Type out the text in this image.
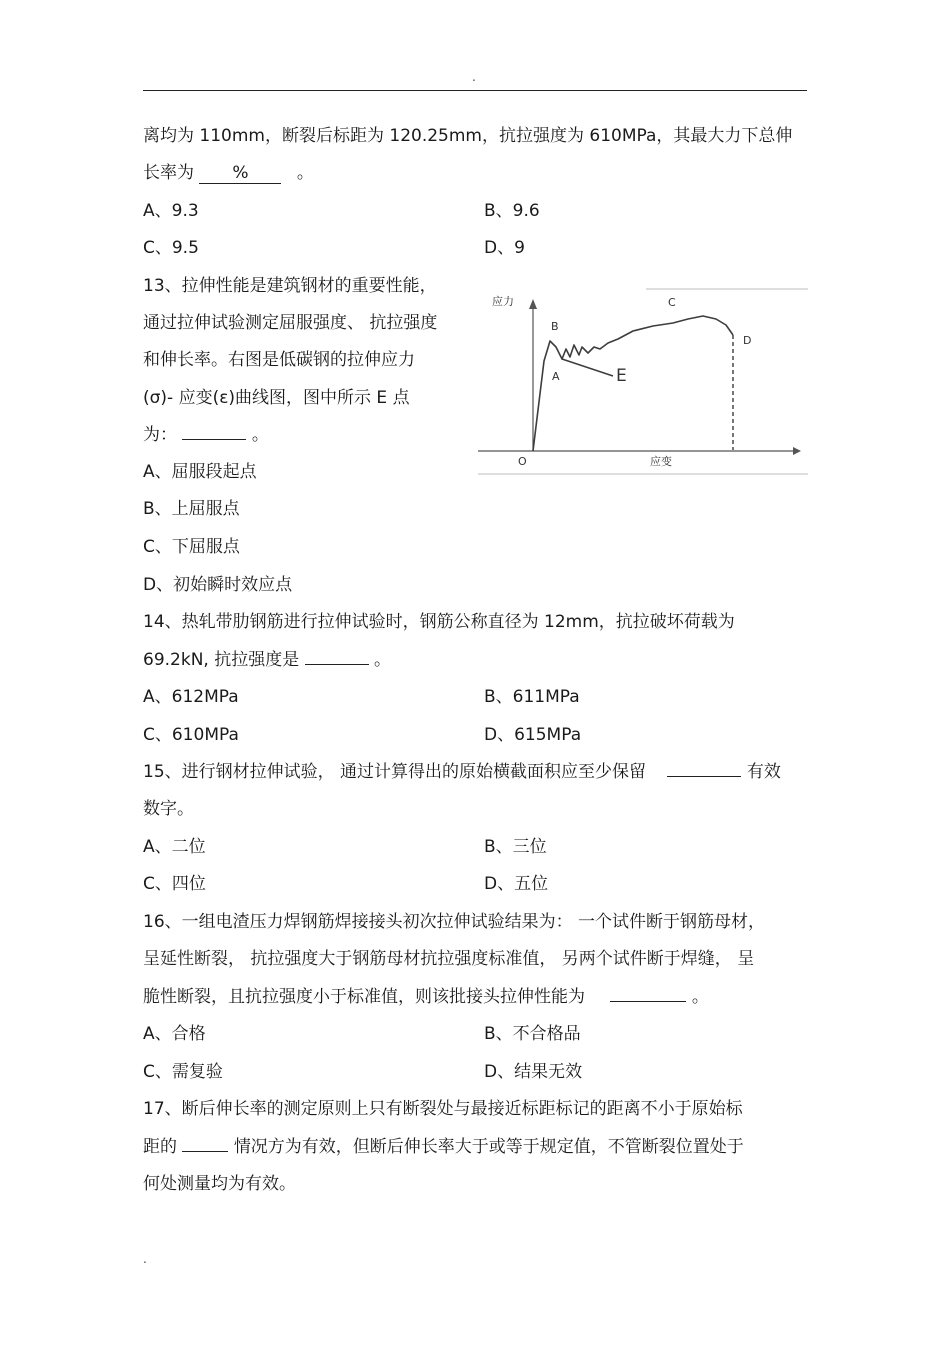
.
离均为 110mm，断裂后标距为 120.25mm，抗拉强度为 610MPa，其最大力下总伸
长率为 %	。
A、9.3	B、9.6
C、9.5	D、9
13、拉伸性能是建筑钢材的重要性能，
通过拉伸试验测定屈服强度、 抗拉强度
和伸长率。右图是低碳钢的拉伸应力
(σ)- 应变(ε)曲线图，图中所示 E 点
为：	。
应力
应变
O
A
B
C
D
E
A、屈服段起点
B、上屈服点
C、下屈服点
D、初始瞬时效应点
14、热轧带肋钢筋进行拉伸试验时，钢筋公称直径为 12mm，抗拉破坏荷载为
69.2kN, 抗拉强度是	。
A、612MPa	B、611MPa
C、610MPa	D、615MPa
15、进行钢材拉伸试验， 通过计算得出的原始横截面积应至少保留	有效
数字。
A、二位	B、三位
C、四位	D、五位
16、一组电渣压力焊钢筋焊接接头初次拉伸试验结果为： 一个试件断于钢筋母材，
呈延性断裂， 抗拉强度大于钢筋母材抗拉强度标准值， 另两个试件断于焊缝， 呈
脆性断裂，且抗拉强度小于标准值，则该批接头拉伸性能为	。
A、合格	B、不合格品
C、需复验	D、结果无效
17、断后伸长率的测定原则上只有断裂处与最接近标距标记的距离不小于原始标
距的	情况方为有效，但断后伸长率大于或等于规定值，不管断裂位置处于
何处测量均为有效。
.
